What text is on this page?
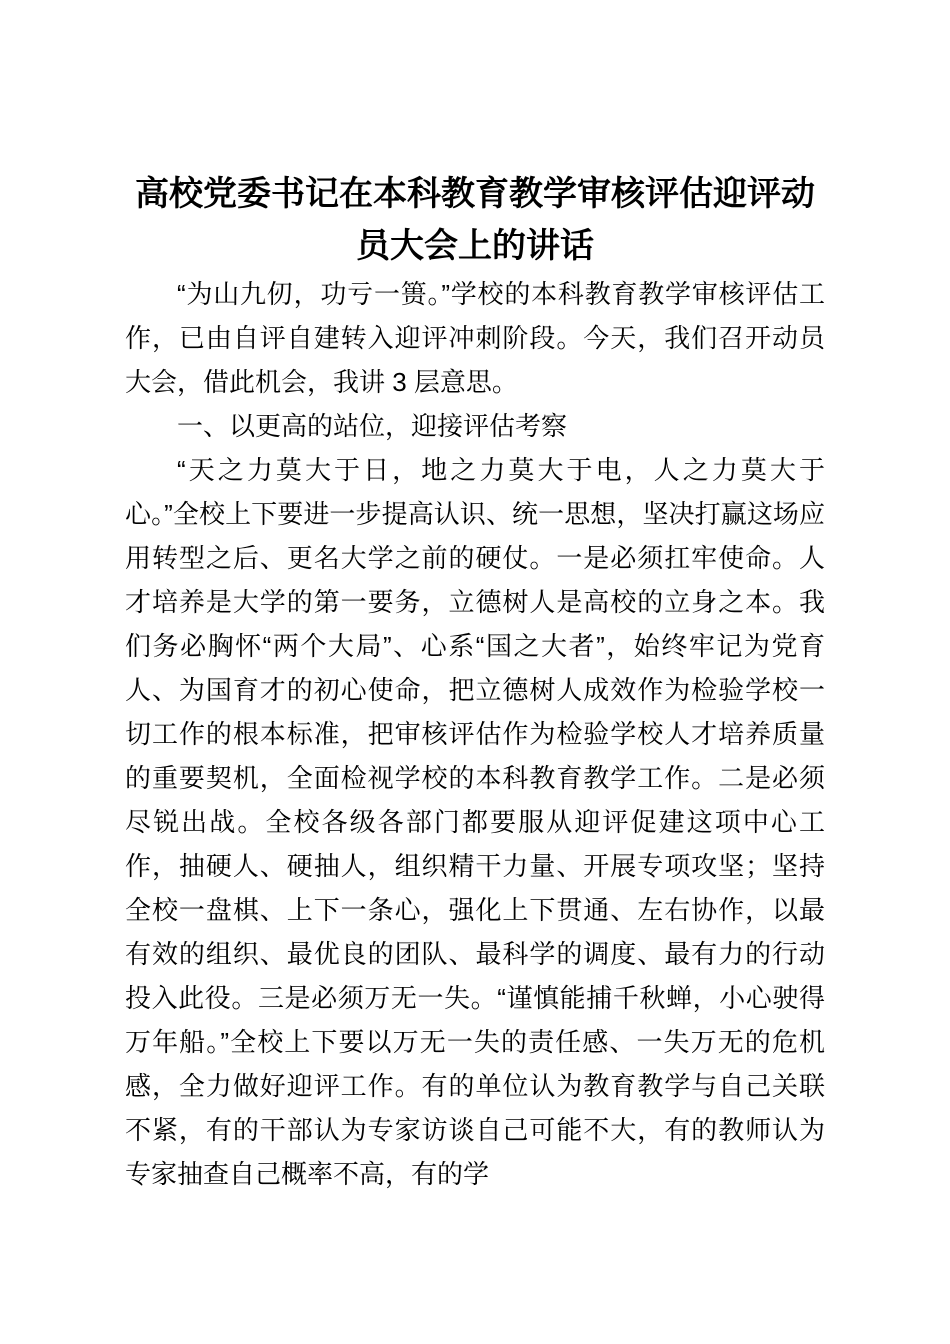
高校党委书记在本科教育教学审核评估迎评动员大会上的讲话

“为山九仞，功亏一篑。”学校的本科教育教学审核评估工作，已由自评自建转入迎评冲刺阶段。今天，我们召开动员大会，借此机会，我讲 3 层意思。

一、以更高的站位，迎接评估考察

“天之力莫大于日，地之力莫大于电，人之力莫大于心。”全校上下要进一步提高认识、统一思想，坚决打赢这场应用转型之后、更名大学之前的硬仗。一是必须扛牢使命。人才培养是大学的第一要务，立德树人是高校的立身之本。我们务必胸怀“两个大局”、心系“国之大者”，始终牢记为党育人、为国育才的初心使命，把立德树人成效作为检验学校一切工作的根本标准，把审核评估作为检验学校人才培养质量的重要契机，全面检视学校的本科教育教学工作。二是必须尽锐出战。全校各级各部门都要服从迎评促建这项中心工作，抽硬人、硬抽人，组织精干力量、开展专项攻坚；坚持全校一盘棋、上下一条心，强化上下贯通、左右协作，以最有效的组织、最优良的团队、最科学的调度、最有力的行动投入此役。三是必须万无一失。“谨慎能捕千秋蝉，小心驶得万年船。”全校上下要以万无一失的责任感、一失万无的危机感，全力做好迎评工作。有的单位认为教育教学与自己关联不紧，有的干部认为专家访谈自己可能不大，有的教师认为专家抽查自己概率不高，有的学
